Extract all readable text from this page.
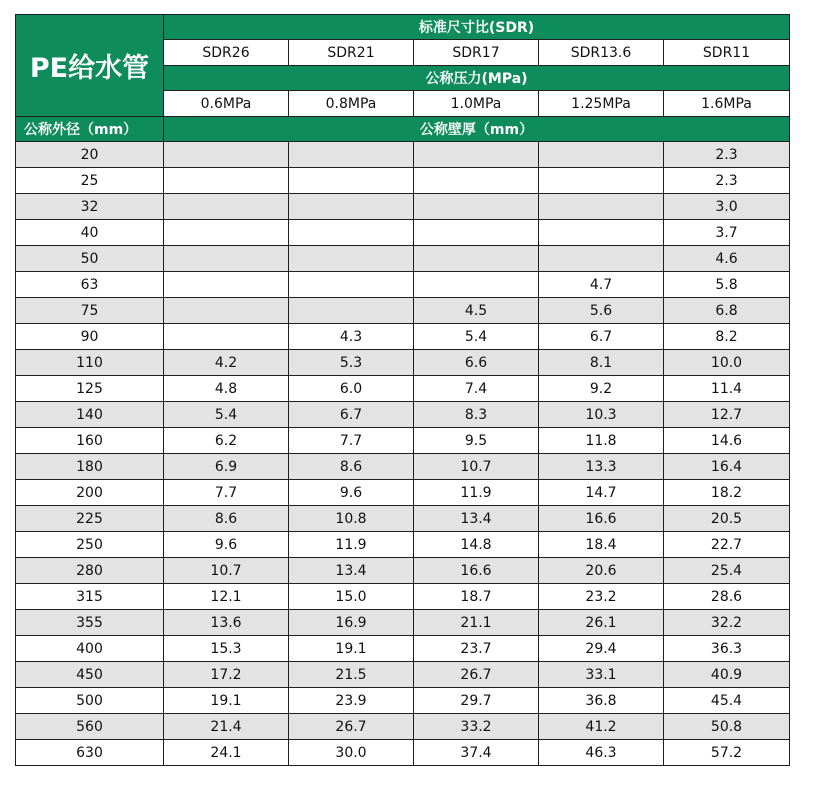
PE给水管	标准尺寸比(SDR)				
	SDR26	SDR21	SDR17	SDR13.6	SDR11
	公称压力(MPa)				
	0.6MPa	0.8MPa	1.0MPa	1.25MPa	1.6MPa
公称外径（mm）	公称壁厚（mm）				
20					2.3
25					2.3
32					3.0
40					3.7
50					4.6
63				4.7	5.8
75			4.5	5.6	6.8
90		4.3	5.4	6.7	8.2
110	4.2	5.3	6.6	8.1	10.0
125	4.8	6.0	7.4	9.2	11.4
140	5.4	6.7	8.3	10.3	12.7
160	6.2	7.7	9.5	11.8	14.6
180	6.9	8.6	10.7	13.3	16.4
200	7.7	9.6	11.9	14.7	18.2
225	8.6	10.8	13.4	16.6	20.5
250	9.6	11.9	14.8	18.4	22.7
280	10.7	13.4	16.6	20.6	25.4
315	12.1	15.0	18.7	23.2	28.6
355	13.6	16.9	21.1	26.1	32.2
400	15.3	19.1	23.7	29.4	36.3
450	17.2	21.5	26.7	33.1	40.9
500	19.1	23.9	29.7	36.8	45.4
560	21.4	26.7	33.2	41.2	50.8
630	24.1	30.0	37.4	46.3	57.2
